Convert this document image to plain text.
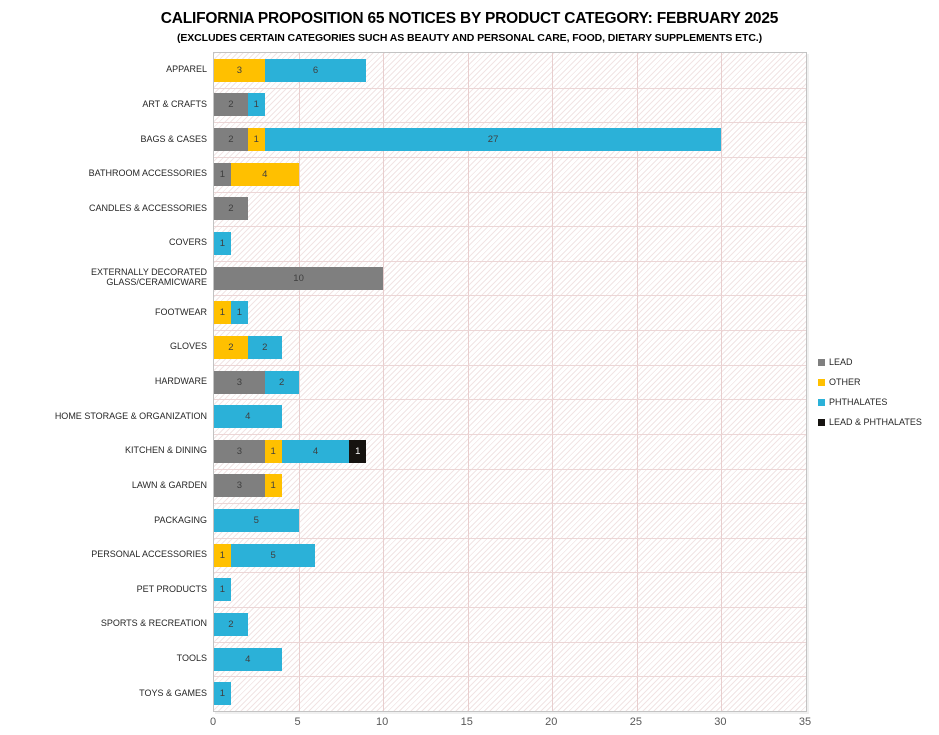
CALIFORNIA PROPOSITION 65 NOTICES BY PRODUCT CATEGORY: FEBRUARY 2025
(EXCLUDES CERTAIN CATEGORIES SUCH AS BEAUTY AND PERSONAL CARE, FOOD, DIETARY SUPPLEMENTS ETC.)
APPAREL
ART & CRAFTS
BAGS & CASES
BATHROOM ACCESSORIES
CANDLES & ACCESSORIES
COVERS
EXTERNALLY DECORATED GLASS/CERAMICWARE
FOOTWEAR
GLOVES
HARDWARE
HOME STORAGE & ORGANIZATION
KITCHEN & DINING
LAWN & GARDEN
PACKAGING
PERSONAL ACCESSORIES
PET PRODUCTS
SPORTS & RECREATION
TOOLS
TOYS & GAMES
3	6
2 1
2 1	27
1	4
2
1
10
1 1
2	2
3	2
4
3	1	4	1
3	1
5
1	5
1
2
4
1
0	5	10	15	20	25	30	35
LEAD
OTHER
PHTHALATES
LEAD & PHTHALATES
